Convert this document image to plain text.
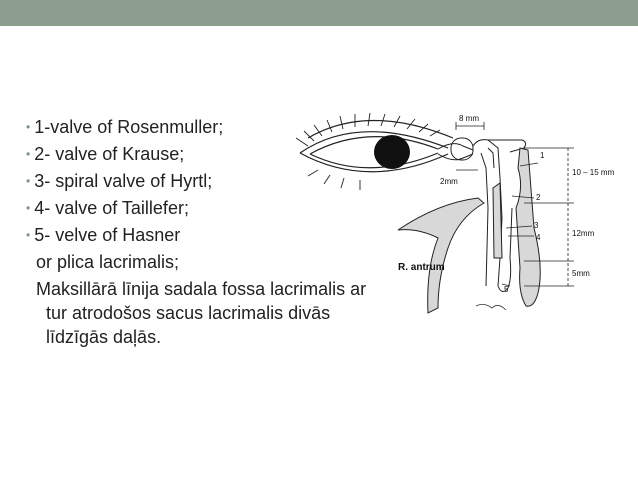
• 1-valve of Rosenmuller;
• 2- valve of Krause;
• 3- spiral valve of Hyrtl;
• 4- valve of Taillefer;
• 5- velve of Hasner
or plica lacrimalis;
Maksillārā līnija sadala fossa lacrimalis ar
tur atrodošos sacus lacrimalis divās
līdzīgās daļās.
8 mm
2mm
R. antrum
10 – 15 mm
12mm
5mm
1
2
3
4
5
